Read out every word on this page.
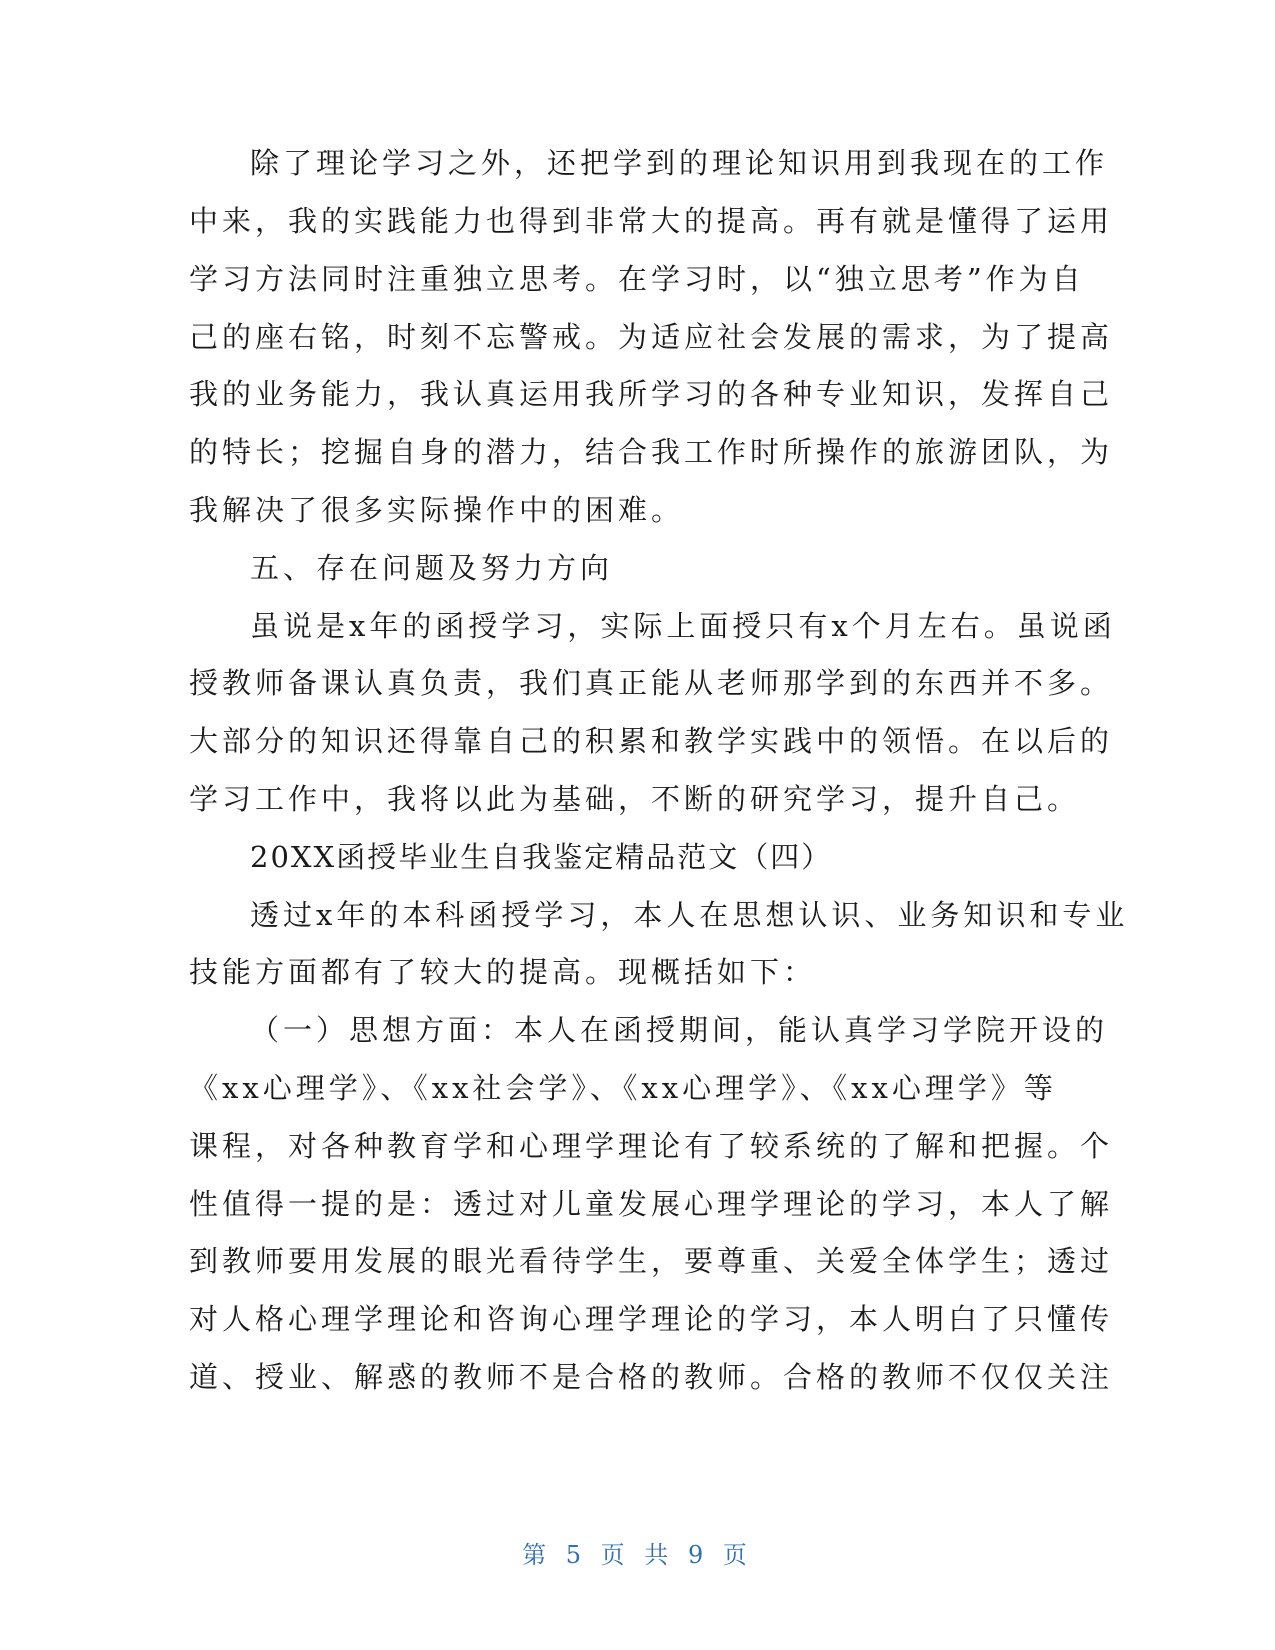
除了理论学习之外，还把学到的理论知识用到我现在的工作
中来，我的实践能力也得到非常大的提高。再有就是懂得了运用
学习方法同时注重独立思考。在学习时，以“独立思考”作为自
己的座右铭，时刻不忘警戒。为适应社会发展的需求，为了提高
我的业务能力，我认真运用我所学习的各种专业知识，发挥自己
的特长；挖掘自身的潜力，结合我工作时所操作的旅游团队，为
我解决了很多实际操作中的困难。
五、存在问题及努力方向
虽说是x年的函授学习，实际上面授只有x个月左右。虽说函
授教师备课认真负责，我们真正能从老师那学到的东西并不多。
大部分的知识还得靠自己的积累和教学实践中的领悟。在以后的
学习工作中，我将以此为基础，不断的研究学习，提升自己。
20XX函授毕业生自我鉴定精品范文（四）
透过x年的本科函授学习，本人在思想认识、业务知识和专业
技能方面都有了较大的提高。现概括如下：
（一）思想方面：本人在函授期间，能认真学习学院开设的
《xx心理学》、《xx社会学》、《xx心理学》、《xx心理学》等
课程，对各种教育学和心理学理论有了较系统的了解和把握。个
性值得一提的是：透过对儿童发展心理学理论的学习，本人了解
到教师要用发展的眼光看待学生，要尊重、关爱全体学生；透过
对人格心理学理论和咨询心理学理论的学习，本人明白了只懂传
道、授业、解惑的教师不是合格的教师。合格的教师不仅仅关注
第 5 页 共 9 页
